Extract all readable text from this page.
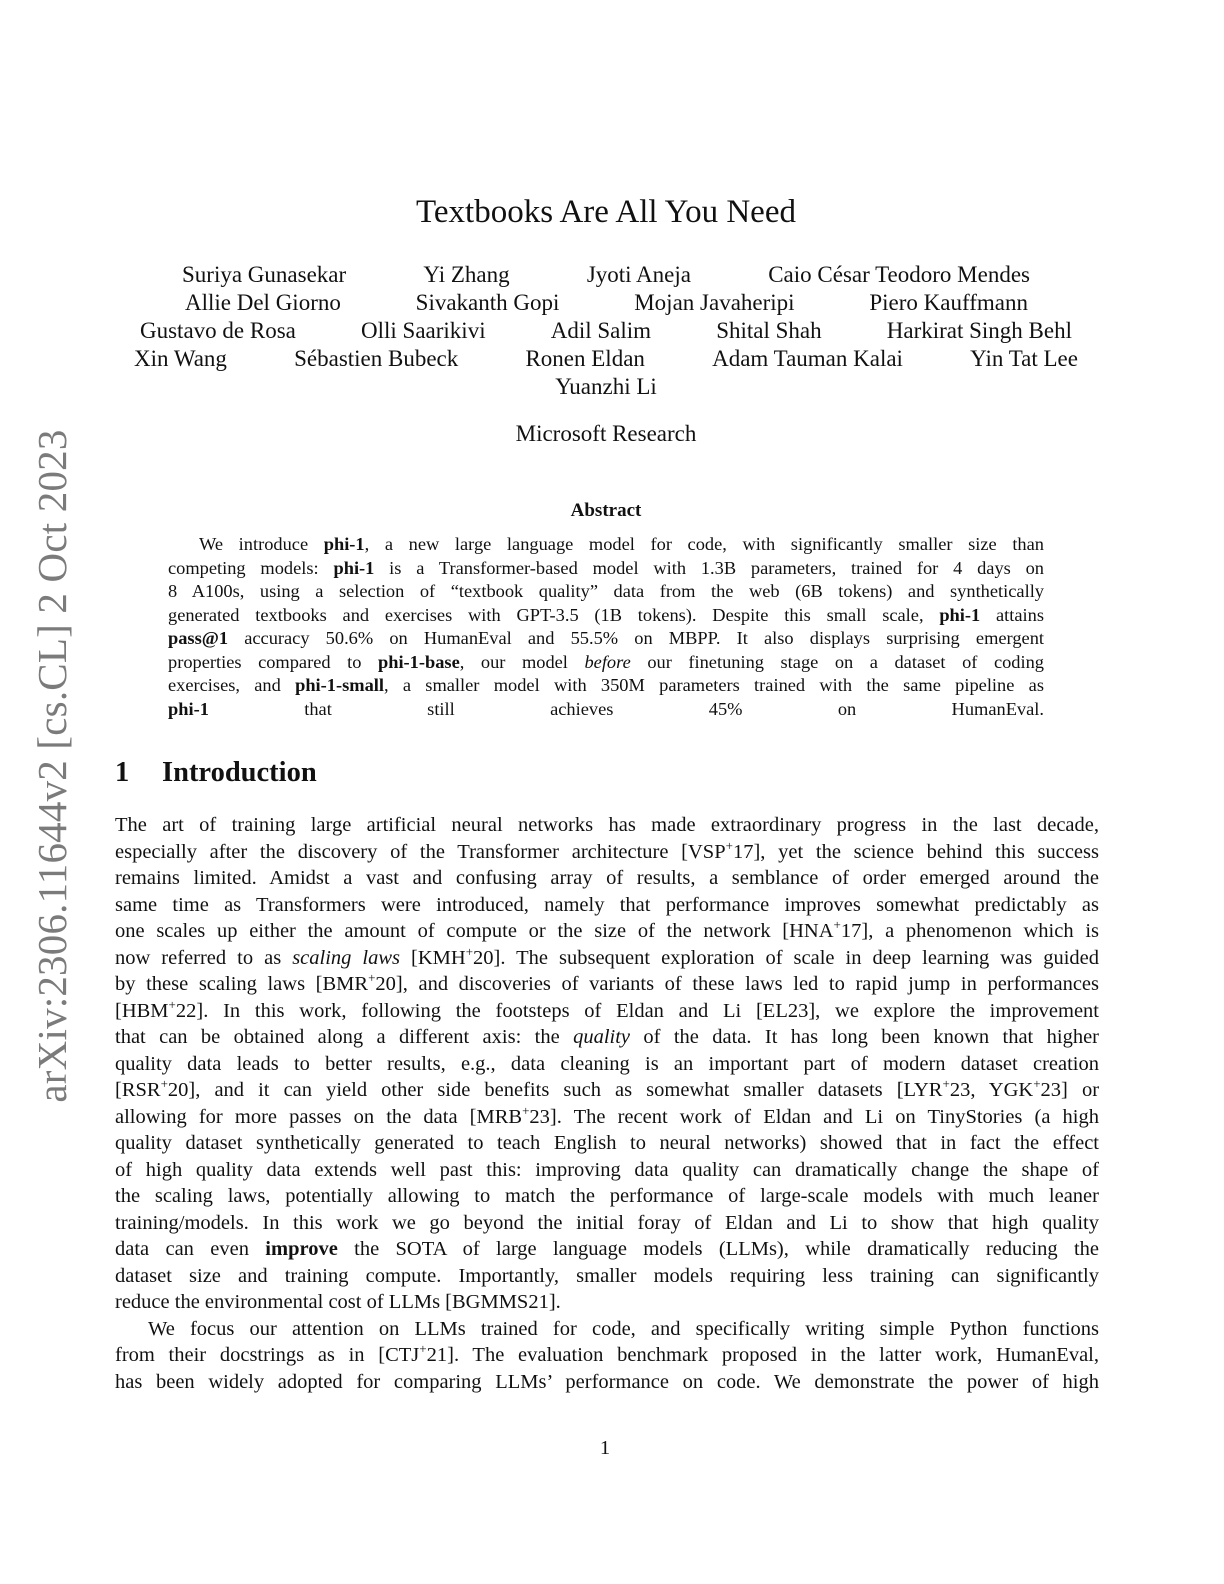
arXiv:2306.11644v2 [cs.CL] 2 Oct 2023
Textbooks Are All You Need
Suriya Gunasekar	Yi Zhang	Jyoti Aneja	Caio César Teodoro Mendes
Allie Del Giorno	Sivakanth Gopi	Mojan Javaheripi	Piero Kauffmann
Gustavo de Rosa	Olli Saarikivi	Adil Salim	Shital Shah	Harkirat Singh Behl
Xin Wang	Sébastien Bubeck	Ronen Eldan	Adam Tauman Kalai	Yin Tat Lee
Yuanzhi Li
Microsoft Research
Abstract
We introduce phi-1, a new large language model for code, with significantly smaller size than
competing models: phi-1 is a Transformer-based model with 1.3B parameters, trained for 4 days on
8 A100s, using a selection of “textbook quality” data from the web (6B tokens) and synthetically
generated textbooks and exercises with GPT-3.5 (1B tokens). Despite this small scale, phi-1 attains
pass@1 accuracy 50.6% on HumanEval and 55.5% on MBPP. It also displays surprising emergent
properties compared to phi-1-base, our model before our finetuning stage on a dataset of coding
exercises, and phi-1-small, a smaller model with 350M parameters trained with the same pipeline as
phi-1 that still achieves 45% on HumanEval.
1 Introduction
The art of training large artificial neural networks has made extraordinary progress in the last decade,
especially after the discovery of the Transformer architecture [VSP+17], yet the science behind this success
remains limited. Amidst a vast and confusing array of results, a semblance of order emerged around the
same time as Transformers were introduced, namely that performance improves somewhat predictably as
one scales up either the amount of compute or the size of the network [HNA+17], a phenomenon which is
now referred to as scaling laws [KMH+20]. The subsequent exploration of scale in deep learning was guided
by these scaling laws [BMR+20], and discoveries of variants of these laws led to rapid jump in performances
[HBM+22]. In this work, following the footsteps of Eldan and Li [EL23], we explore the improvement
that can be obtained along a different axis: the quality of the data. It has long been known that higher
quality data leads to better results, e.g., data cleaning is an important part of modern dataset creation
[RSR+20], and it can yield other side benefits such as somewhat smaller datasets [LYR+23, YGK+23] or
allowing for more passes on the data [MRB+23]. The recent work of Eldan and Li on TinyStories (a high
quality dataset synthetically generated to teach English to neural networks) showed that in fact the effect
of high quality data extends well past this: improving data quality can dramatically change the shape of
the scaling laws, potentially allowing to match the performance of large-scale models with much leaner
training/models. In this work we go beyond the initial foray of Eldan and Li to show that high quality
data can even improve the SOTA of large language models (LLMs), while dramatically reducing the
dataset size and training compute. Importantly, smaller models requiring less training can significantly
reduce the environmental cost of LLMs [BGMMS21].
We focus our attention on LLMs trained for code, and specifically writing simple Python functions
from their docstrings as in [CTJ+21]. The evaluation benchmark proposed in the latter work, HumanEval,
has been widely adopted for comparing LLMs’ performance on code. We demonstrate the power of high
1
